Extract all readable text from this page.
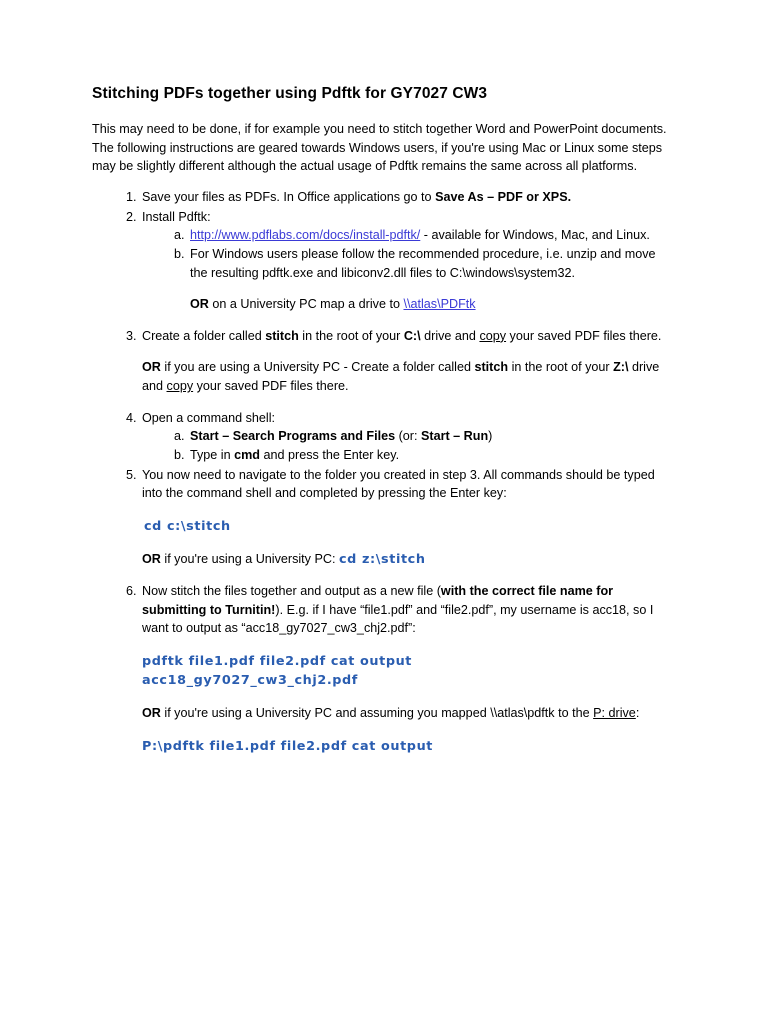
Stitching PDFs together using Pdftk for GY7027 CW3

This may need to be done, if for example you need to stitch together Word and PowerPoint documents. The following instructions are geared towards Windows users, if you're using Mac or Linux some steps may be slightly different although the actual usage of Pdftk remains the same across all platforms.

1. Save your files as PDFs. In Office applications go to Save As – PDF or XPS.
2. Install Pdftk:
a. http://www.pdflabs.com/docs/install-pdftk/ - available for Windows, Mac, and Linux.
b. For Windows users please follow the recommended procedure, i.e. unzip and move the resulting pdftk.exe and libiconv2.dll files to C:\windows\system32.
OR on a University PC map a drive to \\atlas\PDFtk
3. Create a folder called stitch in the root of your C:\ drive and copy your saved PDF files there.
OR if you are using a University PC - Create a folder called stitch in the root of your Z:\ drive and copy your saved PDF files there.
4. Open a command shell:
a. Start – Search Programs and Files (or: Start – Run)
b. Type in cmd and press the Enter key.
5. You now need to navigate to the folder you created in step 3. All commands should be typed into the command shell and completed by pressing the Enter key:
cd c:\stitch
OR if you're using a University PC: cd z:\stitch
6. Now stitch the files together and output as a new file (with the correct file name for submitting to Turnitin!). E.g. if I have “file1.pdf” and “file2.pdf”, my username is acc18, so I want to output as “acc18_gy7027_cw3_chj2.pdf”:
pdftk file1.pdf file2.pdf cat output
acc18_gy7027_cw3_chj2.pdf
OR if you're using a University PC and assuming you mapped \\atlas\pdftk to the P: drive:
P:\pdftk file1.pdf file2.pdf cat output
